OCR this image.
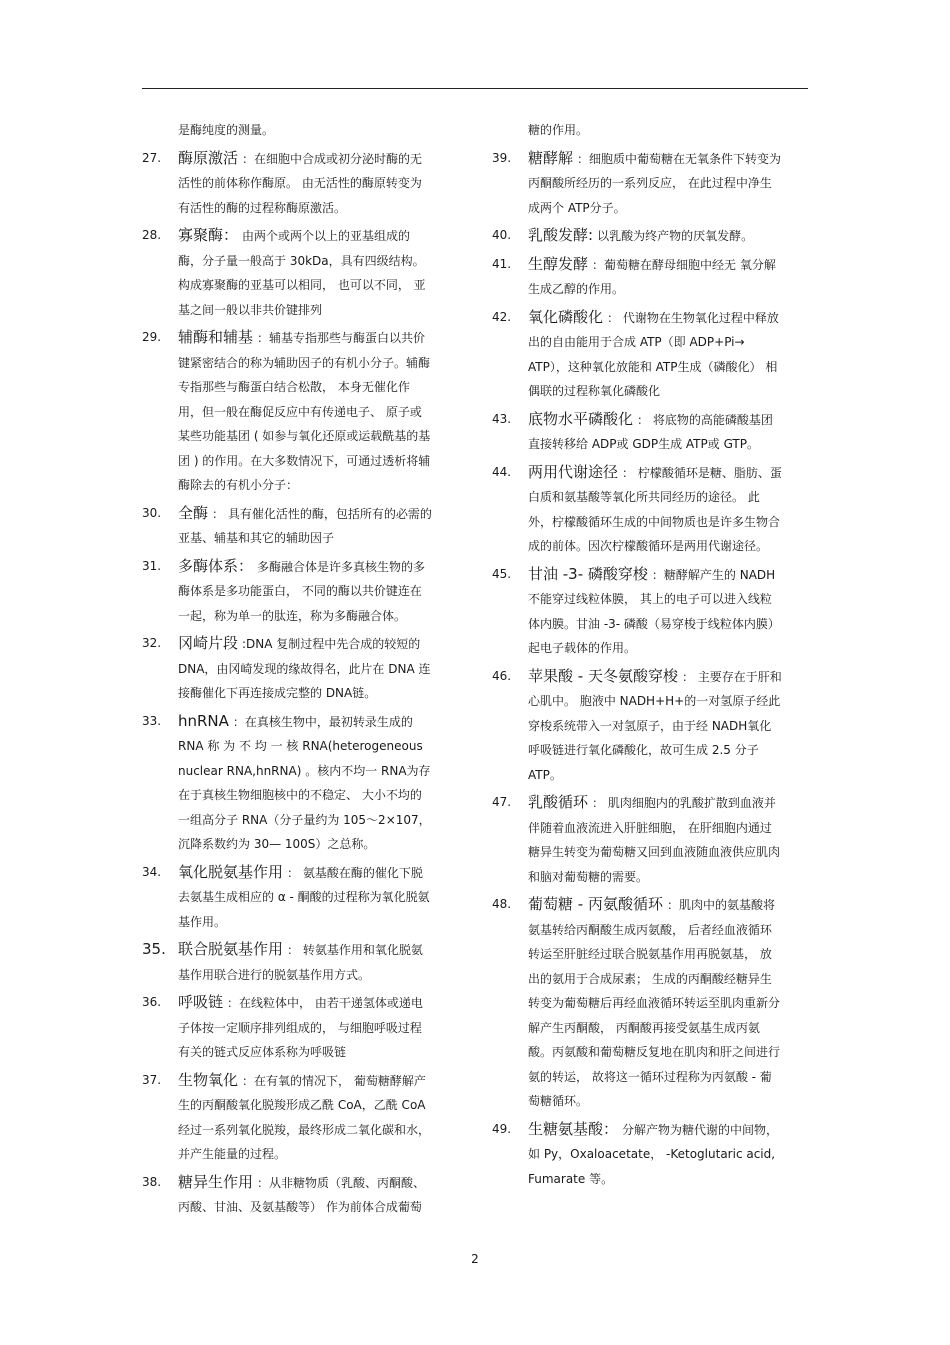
是酶纯度的测量。
27. 酶原激活 ：在细胞中合成或初分泌时酶的无活性的前体称作酶原。 由无活性的酶原转变为有活性的酶的过程称酶原激活。
28. 寡聚酶： 由两个或两个以上的亚基组成的酶，分子量一般高于 30kDa，具有四级结构。构成寡聚酶的亚基可以相同， 也可以不同， 亚基之间一般以非共价键排列
29. 辅酶和辅基 ：辅基专指那些与酶蛋白以共价键紧密结合的称为辅助因子的有机小分子。辅酶专指那些与酶蛋白结合松散， 本身无催化作用，但一般在酶促反应中有传递电子、 原子或某些功能基团 ( 如参与氧化还原或运载酰基的基团 ) 的作用。在大多数情况下，可通过透析将辅酶除去的有机小分子：
30. 全酶 ： 具有催化活性的酶，包括所有的必需的亚基、辅基和其它的辅助因子
31. 多酶体系： 多酶融合体是许多真核生物的多酶体系是多功能蛋白， 不同的酶以共价键连在一起，称为单一的肽连，称为多酶融合体。
32. 冈崎片段 :DNA 复制过程中先合成的较短的 DNA，由冈崎发现的缘故得名，此片在 DNA 连接酶催化下再连接成完整的 DNA链。
33. hnRNA ：在真核生物中，最初转录生成的 RNA 称 为 不 均 一 核 RNA(heterogeneous nuclear RNA,hnRNA) 。核内不均一 RNA为存在于真核生物细胞核中的不稳定、 大小不均的一组高分子 RNA（分子量约为 105～2×107，沉降系数约为 30— 100S）之总称。
34. 氧化脱氨基作用 ： 氨基酸在酶的催化下脱去氨基生成相应的 α - 酮酸的过程称为氧化脱氨基作用。
35. 联合脱氨基作用 ： 转氨基作用和氧化脱氨基作用联合进行的脱氨基作用方式。
36. 呼吸链 ：在线粒体中， 由若干递氢体或递电子体按一定顺序排列组成的， 与细胞呼吸过程有关的链式反应体系称为呼吸链
37. 生物氧化 ：在有氧的情况下， 葡萄糖酵解产生的丙酮酸氧化脱羧形成乙酰 CoA，乙酰 CoA 经过一系列氧化脱羧，最终形成二氧化碳和水，并产生能量的过程。
38. 糖异生作用 ：从非糖物质（乳酸、丙酮酸、丙酸、甘油、及氨基酸等） 作为前体合成葡萄
糖的作用。
39. 糖酵解 ：细胞质中葡萄糖在无氧条件下转变为丙酮酸所经历的一系列反应， 在此过程中净生成两个 ATP分子。
40. 乳酸发酵: 以乳酸为终产物的厌氧发酵。
41. 生醇发酵 ：葡萄糖在酵母细胞中经无 氧分解生成乙醇的作用。
42. 氧化磷酸化 ： 代谢物在生物氧化过程中释放出的自由能用于合成 ATP（即 ADP+Pi→ ATP），这种氧化放能和 ATP生成（磷酸化） 相偶联的过程称氧化磷酸化
43. 底物水平磷酸化 ： 将底物的高能磷酸基团直接转移给 ADP或 GDP生成 ATP或 GTP。
44. 两用代谢途径 ： 柠檬酸循环是糖、脂肪、蛋白质和氨基酸等氧化所共同经历的途径。 此外，柠檬酸循环生成的中间物质也是许多生物合成的前体。因次柠檬酸循环是两用代谢途径。
45. 甘油 -3- 磷酸穿梭 ：糖酵解产生的 NADH不能穿过线粒体膜， 其上的电子可以进入线粒体内膜。甘油 -3- 磷酸（易穿梭于线粒体内膜）起电子载体的作用。
46. 苹果酸 - 天冬氨酸穿梭 ： 主要存在于肝和心肌中。 胞液中 NADH+H+的一对氢原子经此穿梭系统带入一对氢原子，由于经 NADH氧化呼吸链进行氧化磷酸化，故可生成 2.5 分子 ATP。
47. 乳酸循环 ： 肌肉细胞内的乳酸扩散到血液并伴随着血液流进入肝脏细胞， 在肝细胞内通过糖异生转变为葡萄糖又回到血液随血液供应肌肉和脑对葡萄糖的需要。
48. 葡萄糖 - 丙氨酸循环 ：肌肉中的氨基酸将氨基转给丙酮酸生成丙氨酸， 后者经血液循环转运至肝脏经过联合脱氨基作用再脱氨基， 放出的氨用于合成尿素； 生成的丙酮酸经糖异生转变为葡萄糖后再经血液循环转运至肌肉重新分解产生丙酮酸， 丙酮酸再接受氨基生成丙氨酸。丙氨酸和葡萄糖反复地在肌肉和肝之间进行氨的转运， 故将这一循环过程称为丙氨酸 - 葡萄糖循环。
49. 生糖氨基酸： 分解产物为糖代谢的中间物，如 Py，Oxaloacetate， -Ketoglutaric acid, Fumarate 等。
2
